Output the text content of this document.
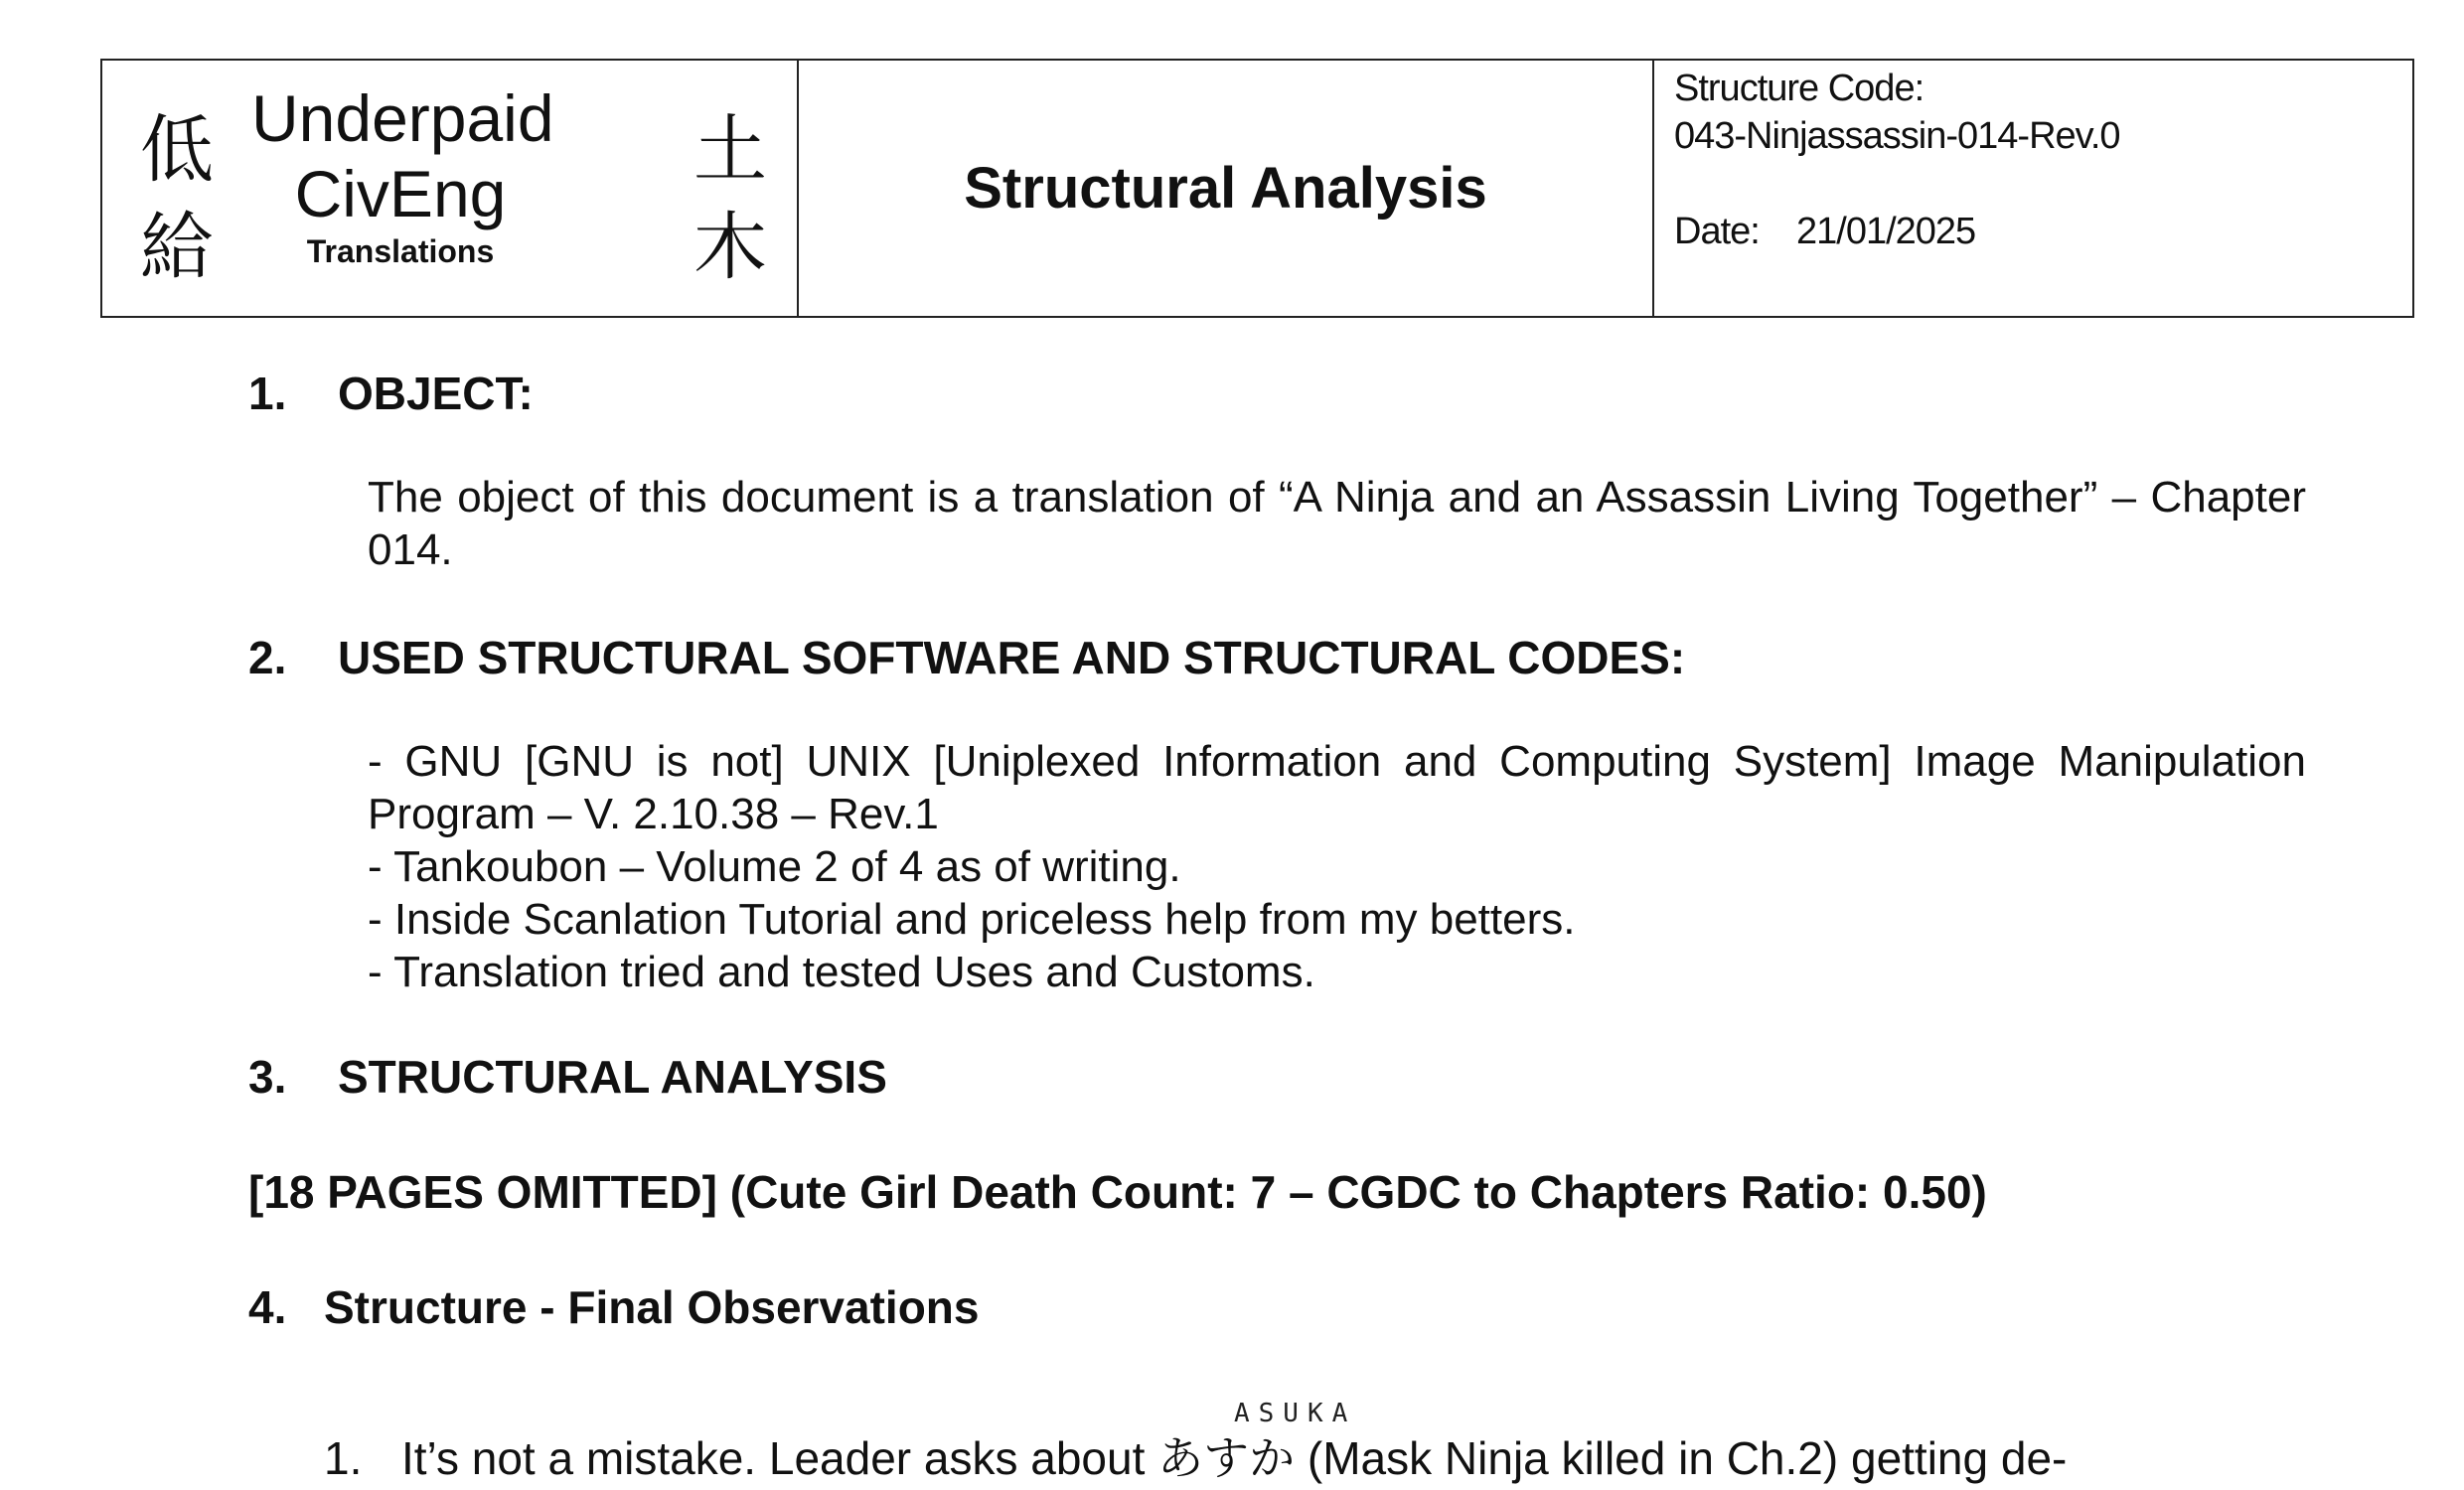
低
給
Underpaid
CivEng
Translations
土
木
Structural Analysis
Structure Code:
043-Ninjassassin-014-Rev.0
Date: 21/01/2025
1. OBJECT:
The object of this document is a translation of “A Ninja and an Assassin Living Together” – Chapter 014.
2. USED STRUCTURAL SOFTWARE AND STRUCTURAL CODES:
- GNU [GNU is not] UNIX [Uniplexed Information and Computing System] Image Manipulation Program – V. 2.10.38 – Rev.1
- Tankoubon – Volume 2 of 4 as of writing.
- Inside Scanlation Tutorial and priceless help from my betters.
- Translation tried and tested Uses and Customs.
3. STRUCTURAL ANALYSIS
[18 PAGES OMITTED] (Cute Girl Death Count: 7 – CGDC to Chapters Ratio: 0.50)
4. Structure - Final Observations
ASUKA
1. It’s not a mistake. Leader asks about あすか (Mask Ninja killed in Ch.2) getting de-
